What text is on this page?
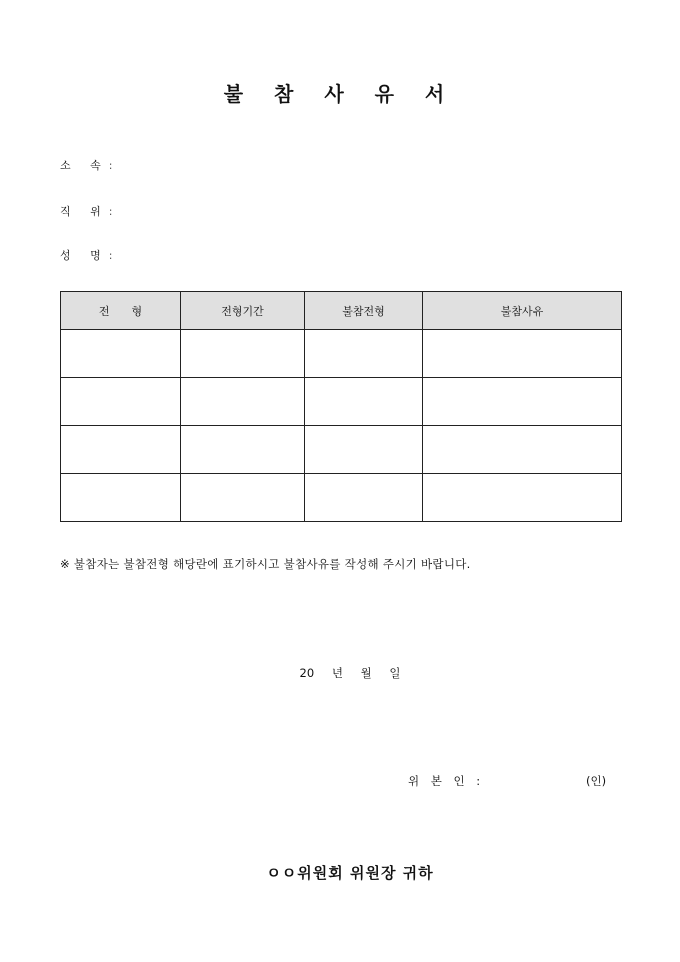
불 참 사 유 서
소 속:
직 위:
성 명:
전　　형	전형기간	불참전형	불참사유

※ 불참자는 불참전형 해당란에 표기하시고 불참사유를 작성해 주시기 바랍니다.
20 년 월 일
위 본 인 :	(인)
ㅇㅇ위원회 위원장 귀하
